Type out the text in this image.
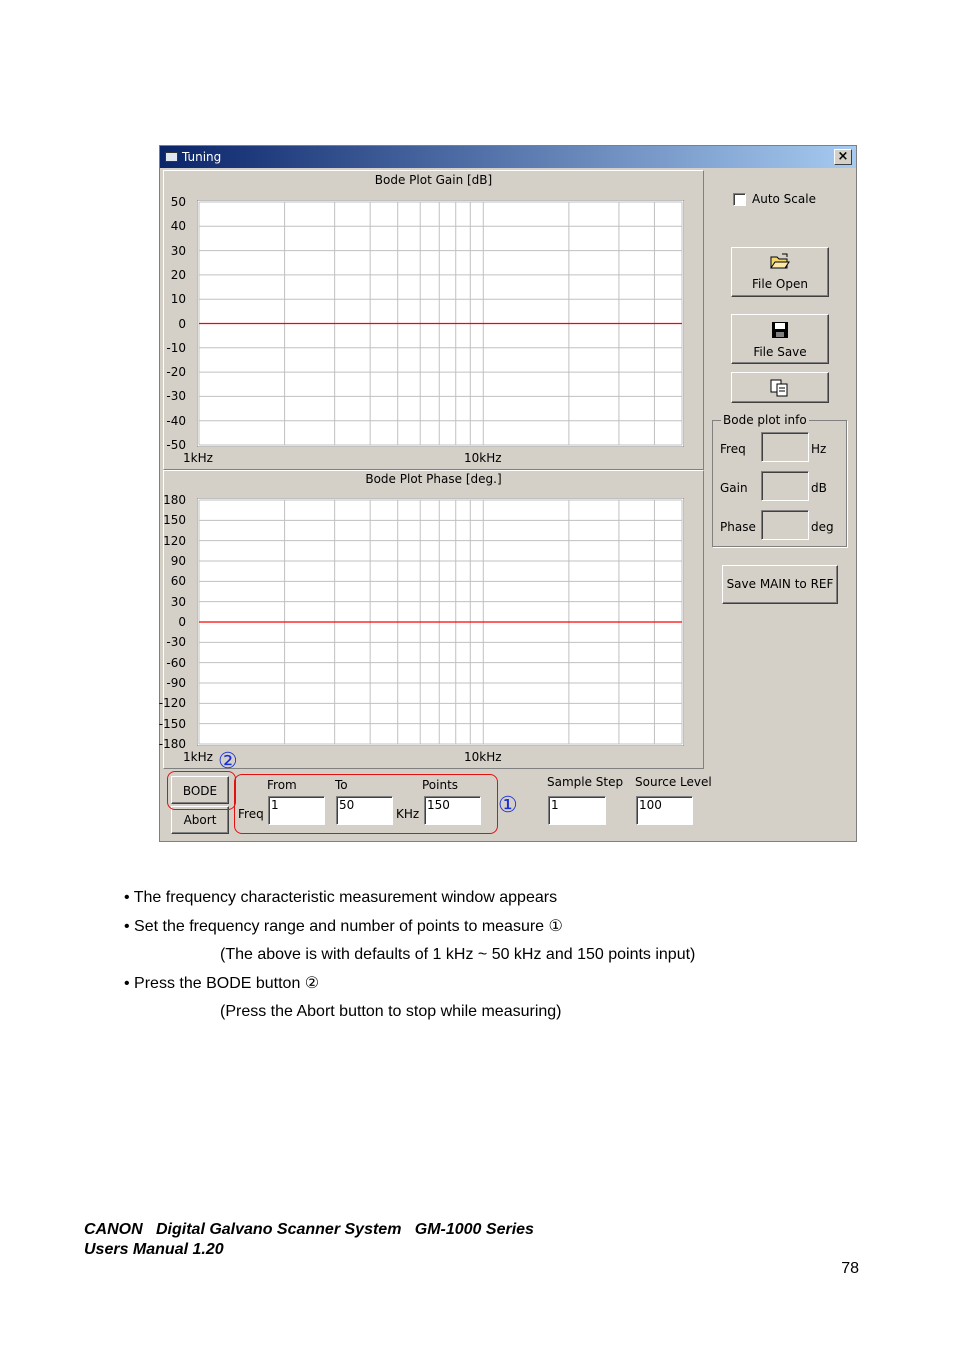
Tuning	×
Bode Plot Gain [dB]
50
40
30
20
10
0
-10
-20
-30
-40
-50
1kHz	10kHz
Bode Plot Phase [deg.]
180
150
120
90
60
30
0
-30
-60
-90
-120
-150
-180
1kHz	10kHz
Auto Scale
File Open
File Save
Bode plot info
Freq	Hz
Gain	dB
Phase	deg
Save MAIN to REF
BODE
Abort
From	To	Points
Freq
1	50
KHz
150
Sample Step
1
Source Level
100
②
①
• The frequency characteristic measurement window appears
• Set the frequency range and number of points to measure ①
(The above is with defaults of 1 kHz ~ 50 kHz and 150 points input)
• Press the BODE button ②
(Press the Abort button to stop while measuring)
CANON   Digital Galvano Scanner System   GM-1000 Series
Users Manual 1.20
78
